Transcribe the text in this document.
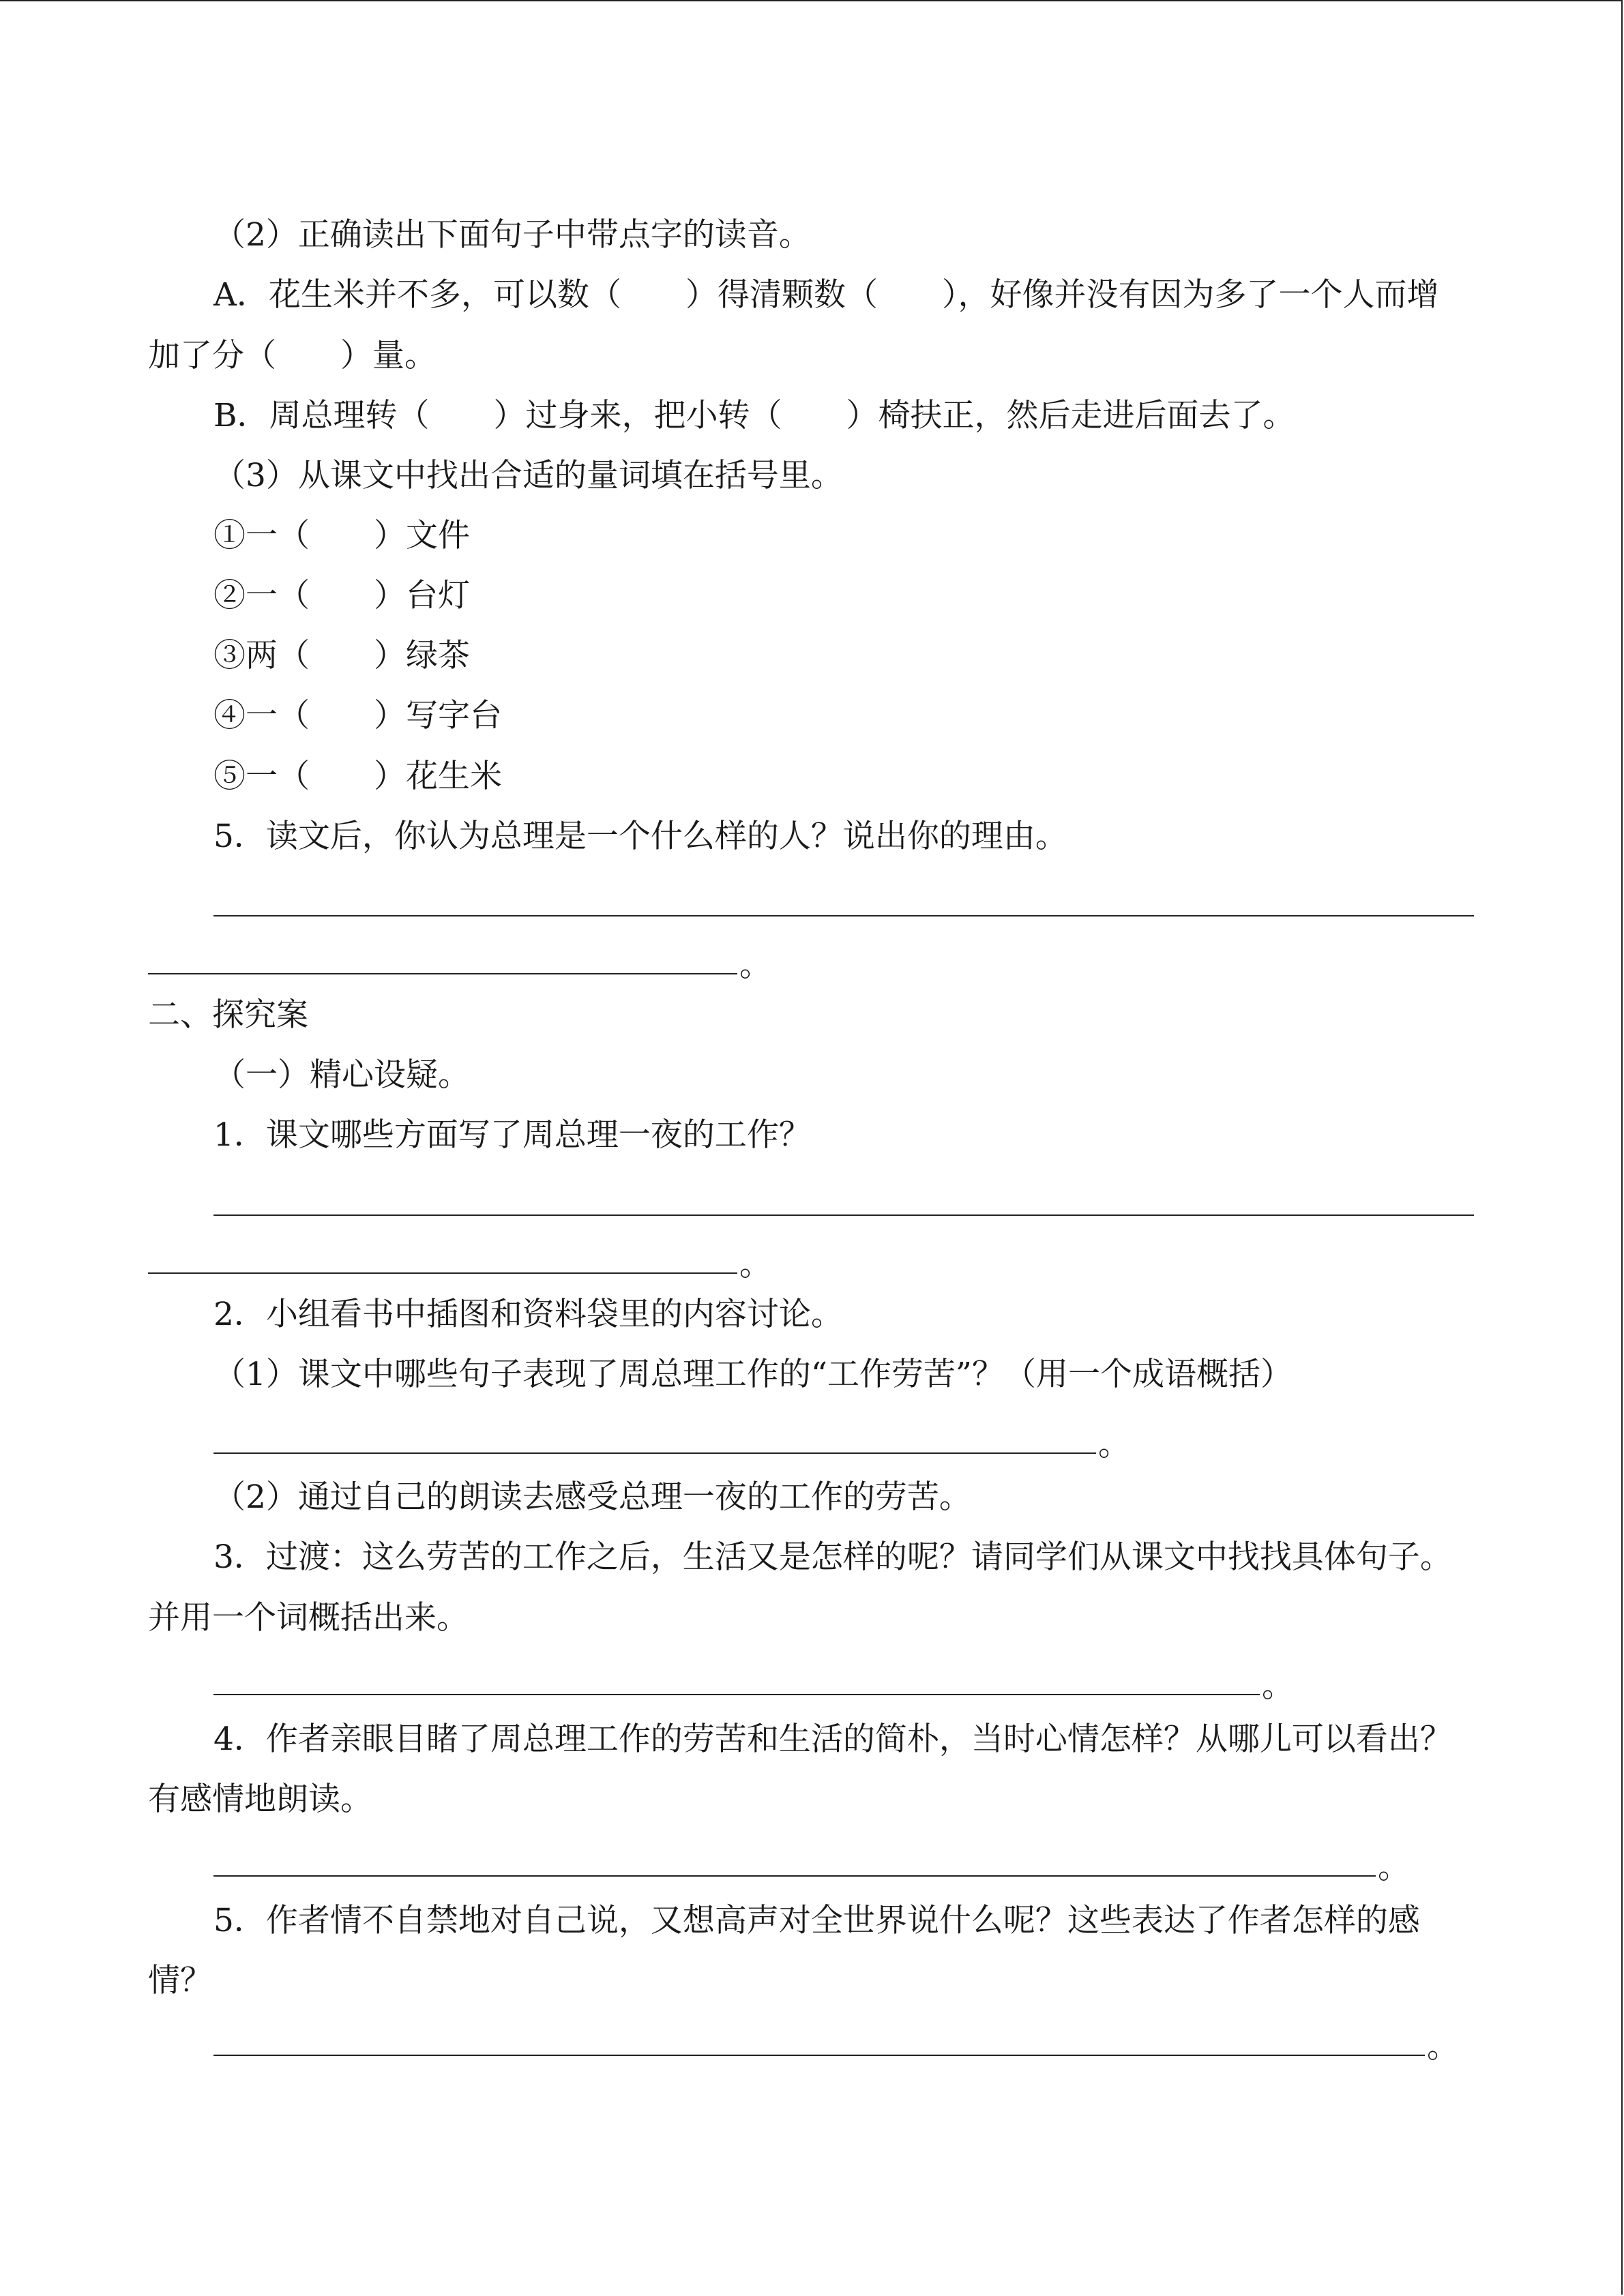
（2）正确读出下面句子中带点字的读音。
A．花生米并不多，可以数（　　）得清颗数（　　），好像并没有因为多了一个人而增
加了分（　　）量。
B．周总理转（　　）过身来，把小转（　　）椅扶正，然后走进后面去了。
（3）从课文中找出合适的量词填在括号里。
①一（　　）文件
②一（　　）台灯
③两（　　）绿茶
④一（　　）写字台
⑤一（　　）花生米
5．读文后，你认为总理是一个什么样的人？说出你的理由。
。
二、探究案
（一）精心设疑。
1．课文哪些方面写了周总理一夜的工作？
。
2．小组看书中插图和资料袋里的内容讨论。
（1）课文中哪些句子表现了周总理工作的“工作劳苦”？（用一个成语概括）
。
（2）通过自己的朗读去感受总理一夜的工作的劳苦。
3．过渡：这么劳苦的工作之后，生活又是怎样的呢？请同学们从课文中找找具体句子。
并用一个词概括出来。
。
4．作者亲眼目睹了周总理工作的劳苦和生活的简朴，当时心情怎样？从哪儿可以看出？
有感情地朗读。
。
5．作者情不自禁地对自己说，又想高声对全世界说什么呢？这些表达了作者怎样的感
情？
。
